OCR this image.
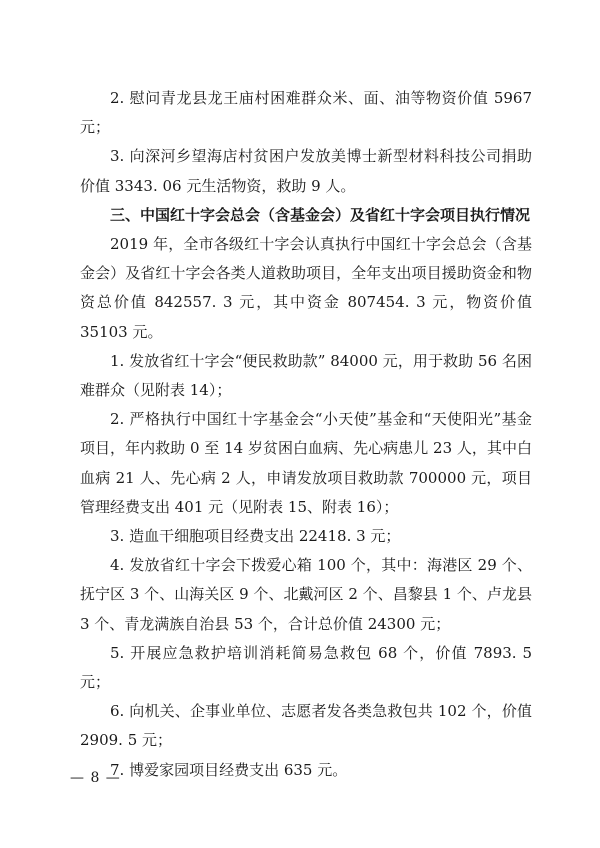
2. 慰问青龙县龙王庙村困难群众米、面、油等物资价值 5967 元；

3. 向深河乡望海店村贫困户发放美博士新型材料科技公司捐助价值 3343. 06 元生活物资，救助 9 人。

三、中国红十字会总会（含基金会）及省红十字会项目执行情况

2019 年，全市各级红十字会认真执行中国红十字会总会（含基金会）及省红十字会各类人道救助项目，全年支出项目援助资金和物资总价值 842557. 3 元，其中资金 807454. 3 元，物资价值 35103 元。

1. 发放省红十字会“便民救助款” 84000 元，用于救助 56 名困难群众（见附表 14）；

2. 严格执行中国红十字基金会“小天使”基金和“天使阳光”基金项目，年内救助 0 至 14 岁贫困白血病、先心病患儿 23 人，其中白血病 21 人、先心病 2 人，申请发放项目救助款 700000 元，项目管理经费支出 401 元（见附表 15、附表 16）；

3. 造血干细胞项目经费支出 22418. 3 元；

4. 发放省红十字会下拨爱心箱 100 个，其中：海港区 29 个、抚宁区 3 个、山海关区 9 个、北戴河区 2 个、昌黎县 1 个、卢龙县 3 个、青龙满族自治县 53 个，合计总价值 24300 元；

5. 开展应急救护培训消耗简易急救包 68 个，价值 7893. 5 元；

6. 向机关、企事业单位、志愿者发各类急救包共 102 个，价值 2909. 5 元；

7. 博爱家园项目经费支出 635 元。

— 8 —
